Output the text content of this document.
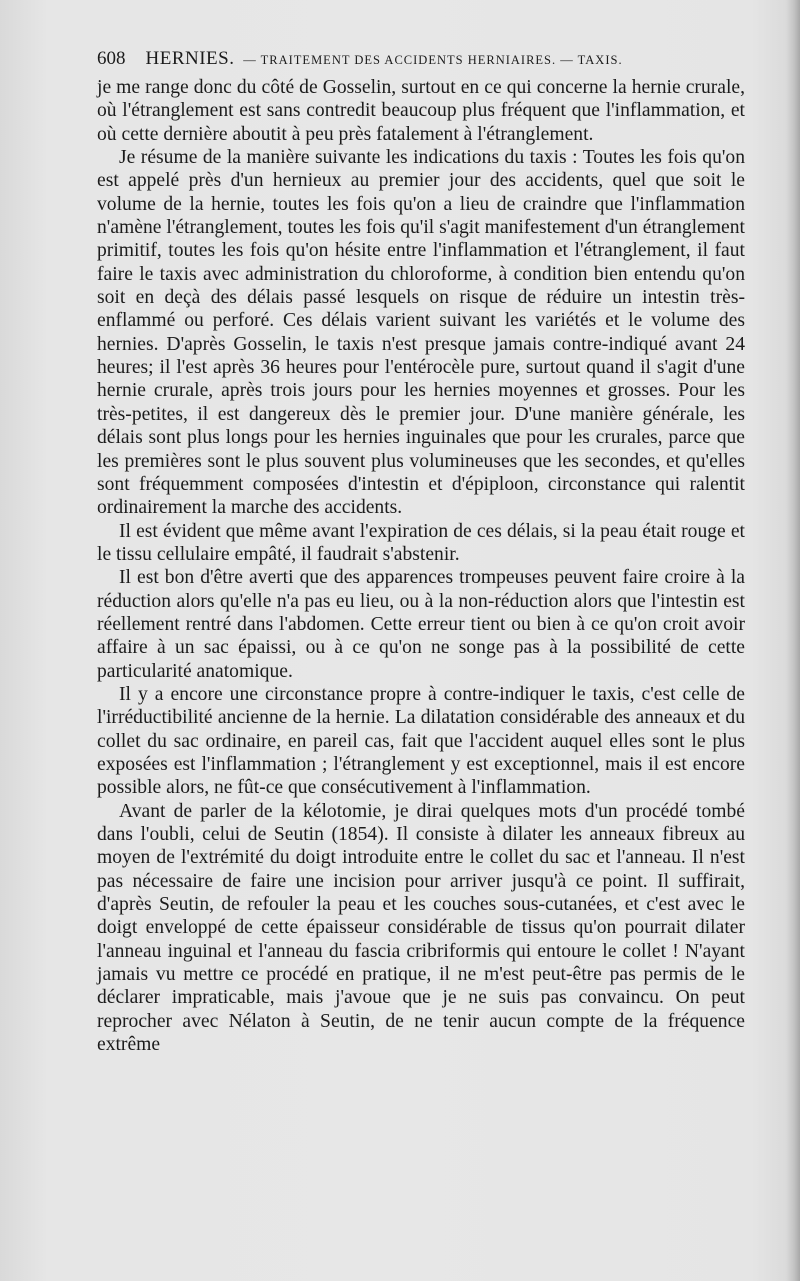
608 HERNIES. — TRAITEMENT DES ACCIDENTS HERNIAIRES. — TAXIS.

je me range donc du côté de Gosselin, surtout en ce qui concerne la hernie crurale, où l'étranglement est sans contredit beaucoup plus fréquent que l'inflammation, et où cette dernière aboutit à peu près fatalement à l'étranglement.

Je résume de la manière suivante les indications du taxis : Toutes les fois qu'on est appelé près d'un hernieux au premier jour des accidents, quel que soit le volume de la hernie, toutes les fois qu'on a lieu de craindre que l'inflammation n'amène l'étranglement, toutes les fois qu'il s'agit manifestement d'un étranglement primitif, toutes les fois qu'on hésite entre l'inflammation et l'étranglement, il faut faire le taxis avec administration du chloroforme, à condition bien entendu qu'on soit en deçà des délais passé lesquels on risque de réduire un intestin très-enflammé ou perforé. Ces délais varient suivant les variétés et le volume des hernies. D'après Gosselin, le taxis n'est presque jamais contre-indiqué avant 24 heures; il l'est après 36 heures pour l'entérocèle pure, surtout quand il s'agit d'une hernie crurale, après trois jours pour les hernies moyennes et grosses. Pour les très-petites, il est dangereux dès le premier jour. D'une manière générale, les délais sont plus longs pour les hernies inguinales que pour les crurales, parce que les premières sont le plus souvent plus volumineuses que les secondes, et qu'elles sont fréquemment composées d'intestin et d'épiploon, circonstance qui ralentit ordinairement la marche des accidents.

Il est évident que même avant l'expiration de ces délais, si la peau était rouge et le tissu cellulaire empâté, il faudrait s'abstenir.

Il est bon d'être averti que des apparences trompeuses peuvent faire croire à la réduction alors qu'elle n'a pas eu lieu, ou à la non-réduction alors que l'intestin est réellement rentré dans l'abdomen. Cette erreur tient ou bien à ce qu'on croit avoir affaire à un sac épaissi, ou à ce qu'on ne songe pas à la possibilité de cette particularité anatomique.

Il y a encore une circonstance propre à contre-indiquer le taxis, c'est celle de l'irréductibilité ancienne de la hernie. La dilatation considérable des anneaux et du collet du sac ordinaire, en pareil cas, fait que l'accident auquel elles sont le plus exposées est l'inflammation ; l'étranglement y est exceptionnel, mais il est encore possible alors, ne fût-ce que consécutivement à l'inflammation.

Avant de parler de la kélotomie, je dirai quelques mots d'un procédé tombé dans l'oubli, celui de Seutin (1854). Il consiste à dilater les anneaux fibreux au moyen de l'extrémité du doigt introduite entre le collet du sac et l'anneau. Il n'est pas nécessaire de faire une incision pour arriver jusqu'à ce point. Il suffirait, d'après Seutin, de refouler la peau et les couches sous-cutanées, et c'est avec le doigt enveloppé de cette épaisseur considérable de tissus qu'on pourrait dilater l'anneau inguinal et l'anneau du fascia cribriformis qui entoure le collet ! N'ayant jamais vu mettre ce procédé en pratique, il ne m'est peut-être pas permis de le déclarer impraticable, mais j'avoue que je ne suis pas convaincu. On peut reprocher avec Nélaton à Seutin, de ne tenir aucun compte de la fréquence extrême
